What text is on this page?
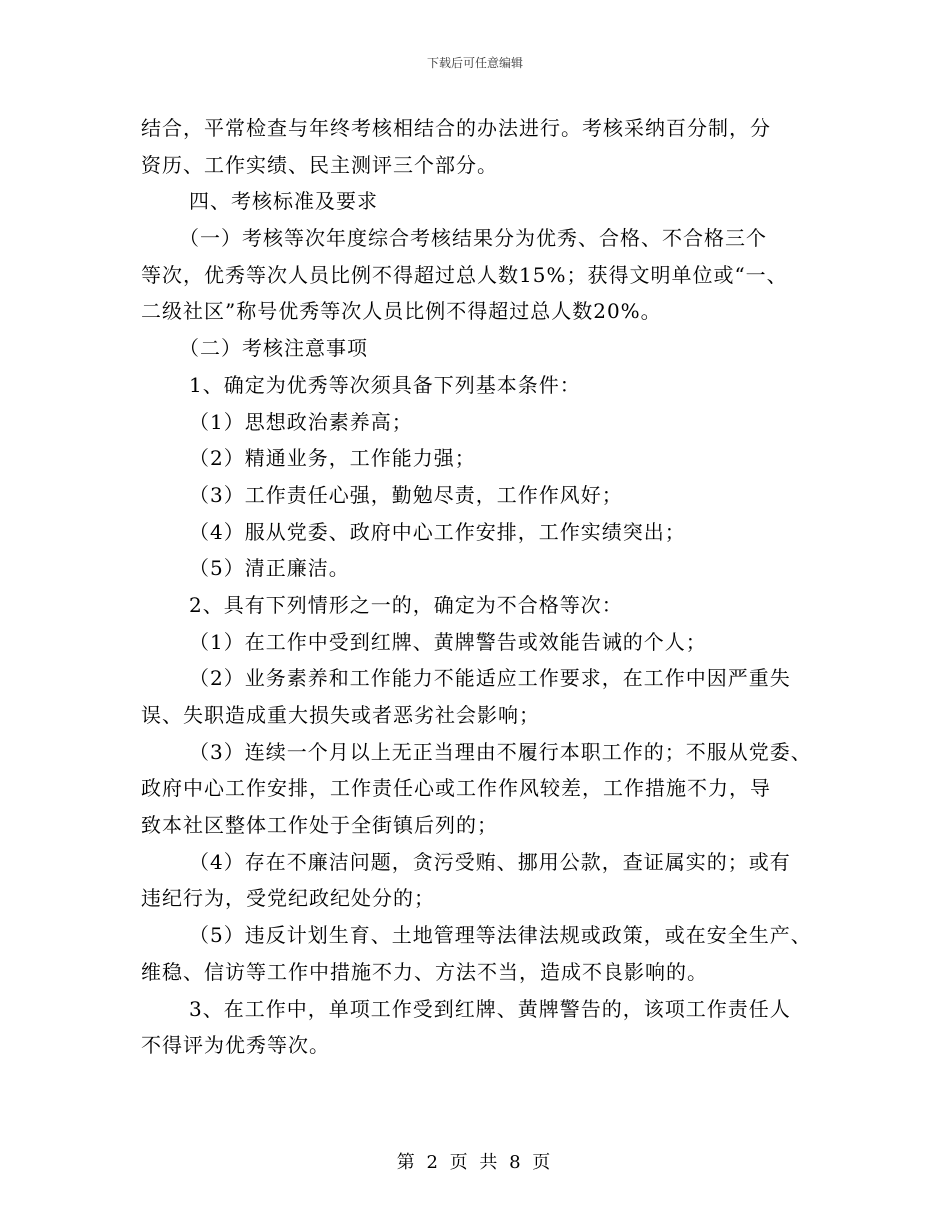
下载后可任意编辑
结合，平常检查与年终考核相结合的办法进行。考核采纳百分制，分
资历、工作实绩、民主测评三个部分。
四、考核标准及要求
（一）考核等次年度综合考核结果分为优秀、合格、不合格三个
等次，优秀等次人员比例不得超过总人数15%；获得文明单位或“一、
二级社区”称号优秀等次人员比例不得超过总人数20%。
（二）考核注意事项
1、确定为优秀等次须具备下列基本条件：
（1）思想政治素养高；
（2）精通业务，工作能力强；
（3）工作责任心强，勤勉尽责，工作作风好；
（4）服从党委、政府中心工作安排，工作实绩突出；
（5）清正廉洁。
2、具有下列情形之一的，确定为不合格等次：
（1）在工作中受到红牌、黄牌警告或效能告诫的个人；
（2）业务素养和工作能力不能适应工作要求，在工作中因严重失
误、失职造成重大损失或者恶劣社会影响；
（3）连续一个月以上无正当理由不履行本职工作的；不服从党委、
政府中心工作安排，工作责任心或工作作风较差，工作措施不力，导
致本社区整体工作处于全街镇后列的；
（4）存在不廉洁问题，贪污受贿、挪用公款，查证属实的；或有
违纪行为，受党纪政纪处分的；
（5）违反计划生育、土地管理等法律法规或政策，或在安全生产、
维稳、信访等工作中措施不力、方法不当，造成不良影响的。
3、在工作中，单项工作受到红牌、黄牌警告的，该项工作责任人
不得评为优秀等次。
第 2 页 共 8 页
